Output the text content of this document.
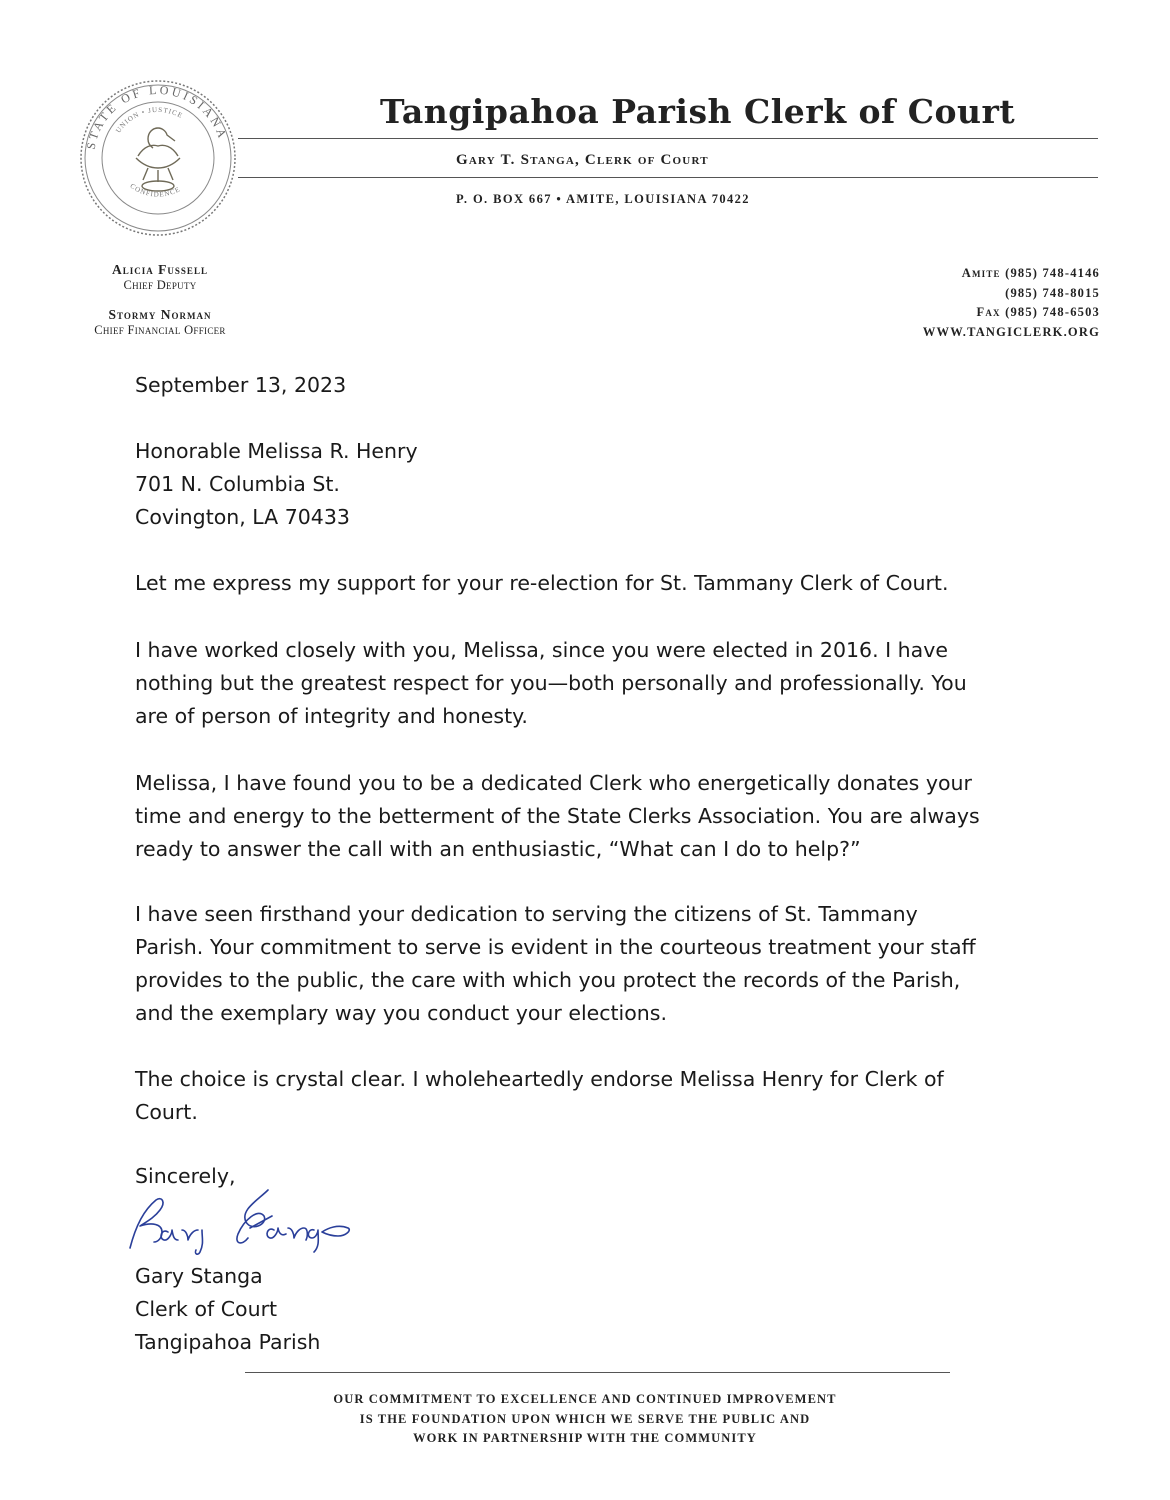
STATE OF LOUISIANA
UNION • JUSTICE
CONFIDENCE
Tangipahoa Parish Clerk of Court
Gary T. Stanga, Clerk of Court
P. O. BOX 667 • AMITE, LOUISIANA 70422
Alicia Fussell
Chief Deputy
Stormy Norman
Chief Financial Officer
Amite (985) 748-4146
(985) 748-8015
Fax (985) 748-6503
WWW.TANGICLERK.ORG
September 13, 2023
Honorable Melissa R. Henry
701 N. Columbia St.
Covington, LA 70433
Let me express my support for your re-election for St. Tammany Clerk of Court.
I have worked closely with you, Melissa, since you were elected in 2016. I have
nothing but the greatest respect for you—both personally and professionally. You
are of person of integrity and honesty.
Melissa, I have found you to be a dedicated Clerk who energetically donates your
time and energy to the betterment of the State Clerks Association. You are always
ready to answer the call with an enthusiastic, “What can I do to help?”
I have seen firsthand your dedication to serving the citizens of St. Tammany
Parish. Your commitment to serve is evident in the courteous treatment your staff
provides to the public, the care with which you protect the records of the Parish,
and the exemplary way you conduct your elections.
The choice is crystal clear. I wholeheartedly endorse Melissa Henry for Clerk of
Court.
Sincerely,
Gary Stanga
Clerk of Court
Tangipahoa Parish
OUR COMMITMENT TO EXCELLENCE AND CONTINUED IMPROVEMENT
IS THE FOUNDATION UPON WHICH WE SERVE THE PUBLIC AND
WORK IN PARTNERSHIP WITH THE COMMUNITY
